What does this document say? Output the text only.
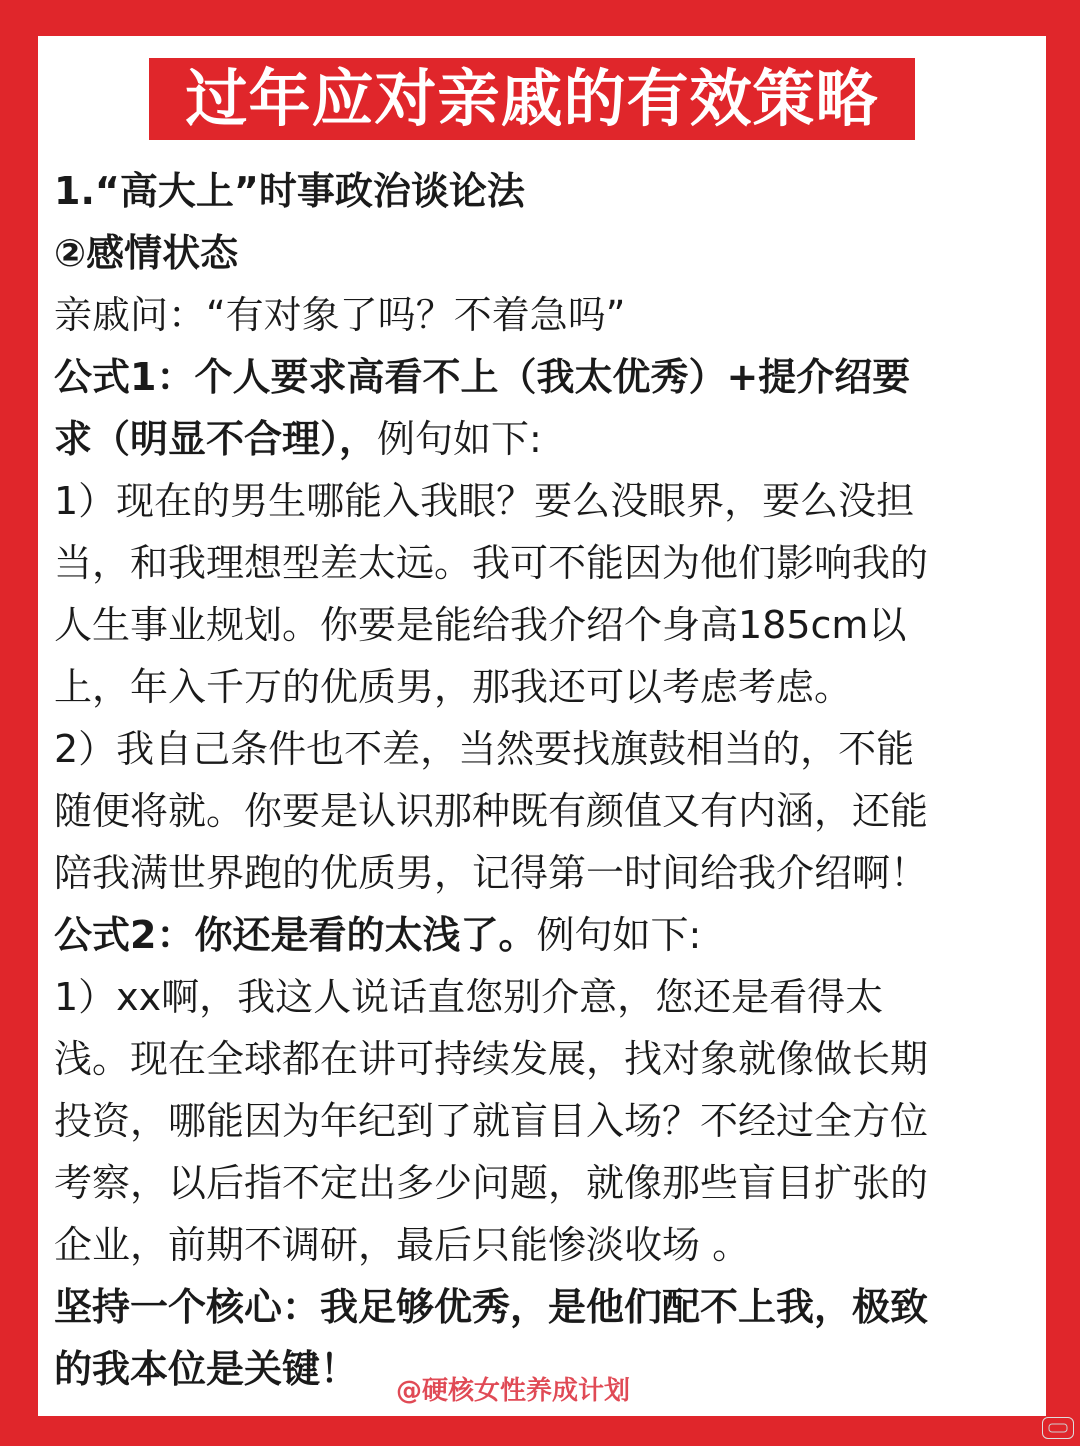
过年应对亲戚的有效策略
1.“高大上”时事政治谈论法
②感情状态
亲戚问：“有对象了吗？不着急吗”
公式1：个人要求高看不上（我太优秀）+提介绍要
求（明显不合理），例句如下:
1）现在的男生哪能入我眼？要么没眼界，要么没担
当，和我理想型差太远。我可不能因为他们影响我的
人生事业规划。你要是能给我介绍个身高185cm以
上，年入千万的优质男，那我还可以考虑考虑。
2）我自己条件也不差，当然要找旗鼓相当的，不能
随便将就。你要是认识那种既有颜值又有内涵，还能
陪我满世界跑的优质男，记得第一时间给我介绍啊！
公式2：你还是看的太浅了。例句如下:
1）xx啊，我这人说话直您别介意，您还是看得太
浅。现在全球都在讲可持续发展，找对象就像做长期
投资，哪能因为年纪到了就盲目入场？不经过全方位
考察，以后指不定出多少问题，就像那些盲目扩张的
企业，前期不调研，最后只能惨淡收场 。
坚持一个核心：我足够优秀，是他们配不上我，极致
的我本位是关键！	@硬核女性养成计划
